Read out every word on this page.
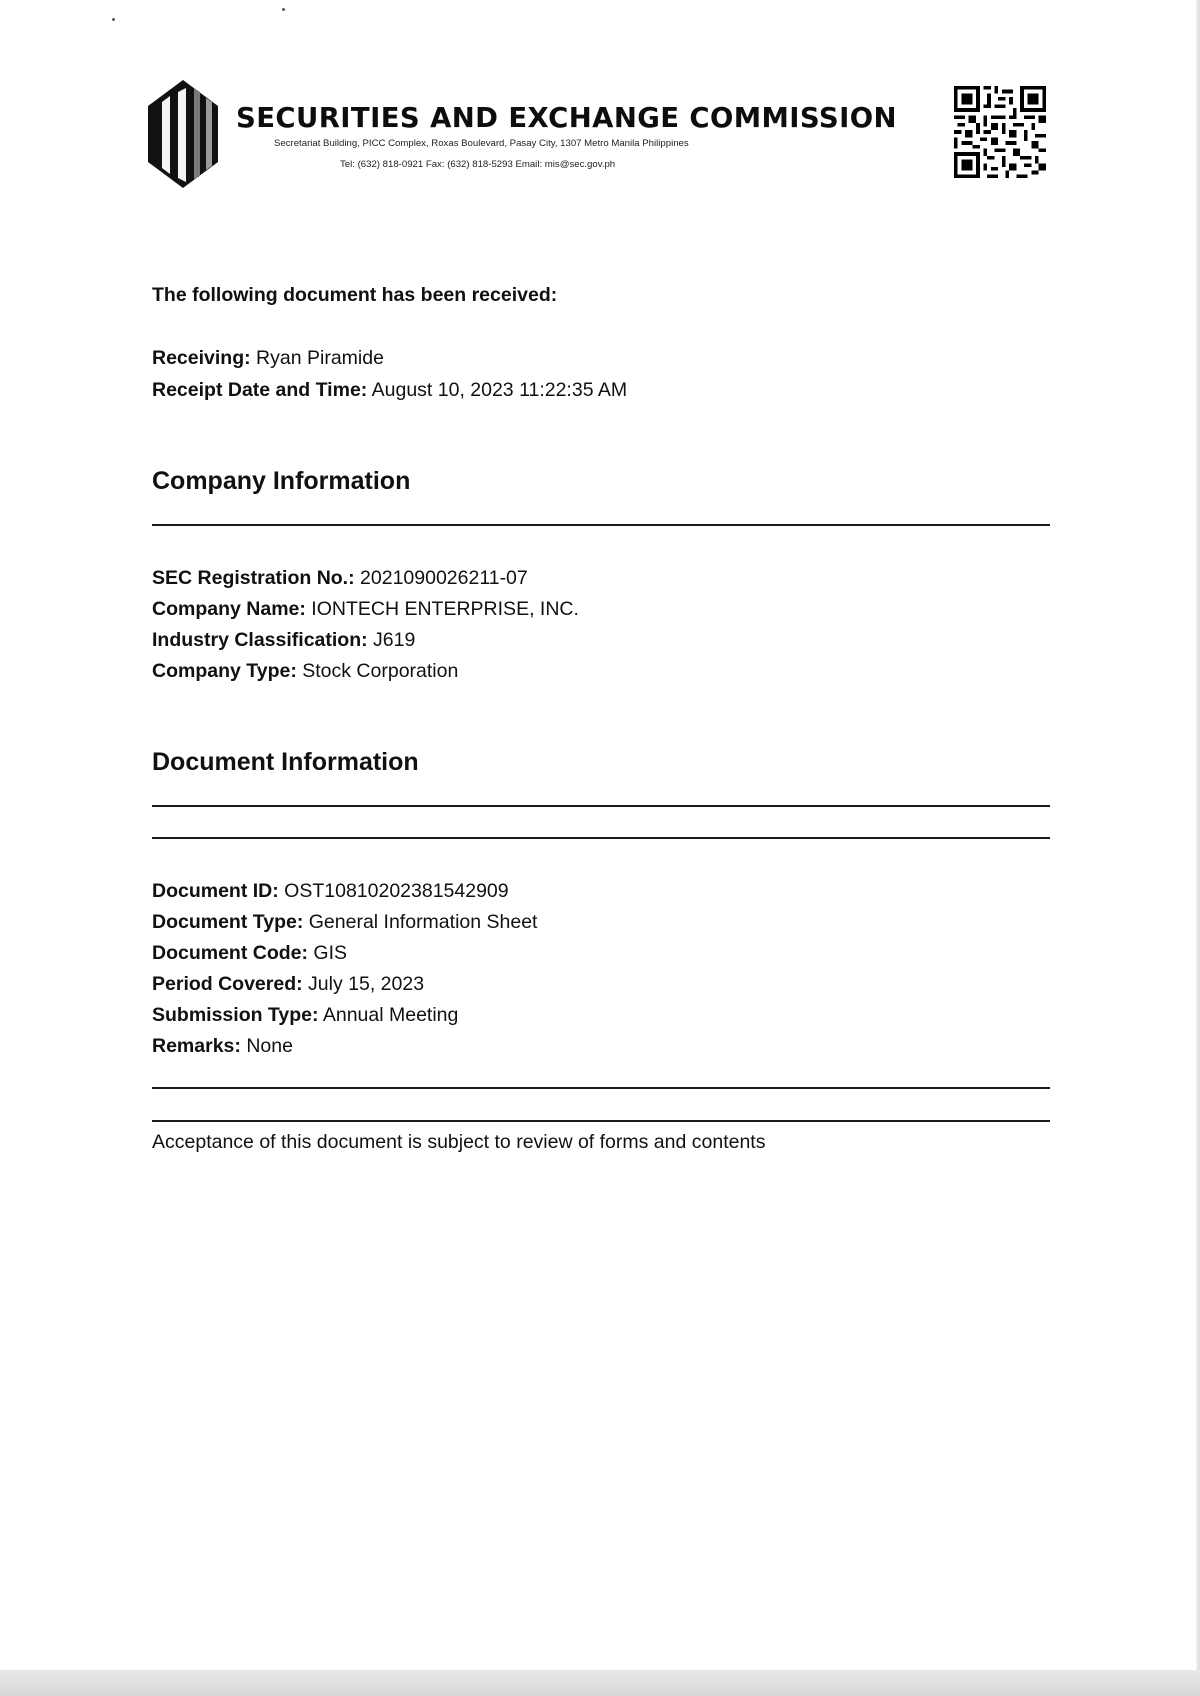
SECURITIES AND EXCHANGE COMMISSION
Secretariat Building, PICC Complex, Roxas Boulevard, Pasay City, 1307 Metro Manila Philippines
Tel: (632) 818-0921 Fax: (632) 818-5293 Email: mis@sec.gov.ph
The following document has been received:
Receiving: Ryan Piramide
Receipt Date and Time: August 10, 2023 11:22:35 AM
Company Information
SEC Registration No.: 2021090026211-07
Company Name: IONTECH ENTERPRISE, INC.
Industry Classification: J619
Company Type: Stock Corporation
Document Information
Document ID: OST10810202381542909
Document Type: General Information Sheet
Document Code: GIS
Period Covered: July 15, 2023
Submission Type: Annual Meeting
Remarks: None
Acceptance of this document is subject to review of forms and contents
